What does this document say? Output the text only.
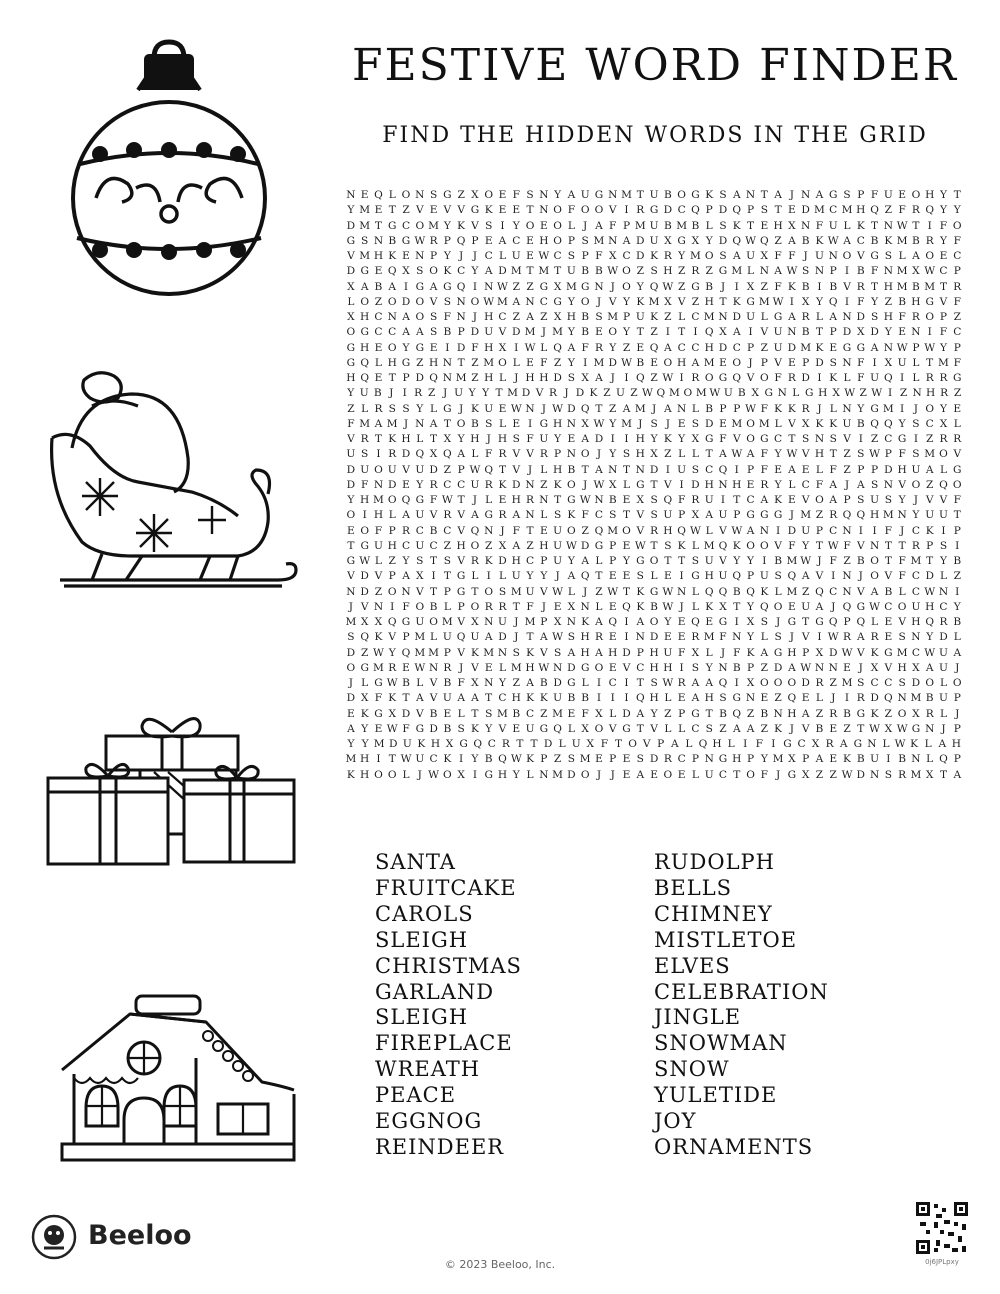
FESTIVE WORD FINDER
FIND THE HIDDEN WORDS IN THE GRID
N E Q L O N S G Z X O E F S N Y A U G N M T U B O G K S A N T A J N A G S P F U E O H Y T
Y M E T Z V E V V G K E E T N O F O O V I R G D C Q P D Q P S T E D M C M H Q Z F R Q Y Y
D M T G C O M Y K V S I Y O E O L J A F P M U B M B L S K T E H X N F U L K T N W T I F O
G S N B G W R P Q P E A C E H O P S M N A D U X G X Y D Q W Q Z A B K W A C B K M B R Y F
V M H K E N P Y J J C L U E W C S P F X C D K R Y M O S A U X F F J U N O V G S L A O E C
D G E Q X S O K C Y A D M T M T U B B W O Z S H Z R Z G M L N A W S N P I B F N M X W C P
X A B A I G A G Q I N W Z Z G X M G N J O Y Q W Z G B J I X Z F K B I B V R T H M B M T R
L O Z O D O V S N O W M A N C G Y O J V Y K M X V Z H T K G M W I X Y Q I F Y Z B H G V F
X H C N A O S F N J H C Z A Z X H B S M P U K Z L C M N D U L G A R L A N D S H F R O P Z
O G C C A A S B P D U V D M J M Y B E O Y T Z I T I Q X A I V U N B T P D X D Y E N I F C
G H E O Y G E I D F H X I W L Q A F R Y Z E Q A C C H D C P Z U D M K E G G A N W P W Y P
G Q L H G Z H N T Z M O L E F Z Y I M D W B E O H A M E O J P V E P D S N F I X U L T M F
H Q E T P D Q N M Z H L J H H D S X A J I Q Z W I R O G Q V O F R D I K L F U Q I L R R G
Y U B J I R Z J U Y Y T M D V R J D K Z U Z W Q M O M W U B X G N L G H X W Z W I Z N H R Z
Z L R S S Y L G J K U E W N J W D Q T Z A M J A N L B P P W F K K R J L N Y G M I J O Y E
F M A M J N A T O B S L E I G H N X W Y M J S J E S D E M O M L V X K K U B Q Q Y S C X L
V R T K H L T X Y H J H S F U Y E A D I I H Y K Y X G F V O G C T S N S V I Z C G I Z R R
U S I R D Q X Q A L F R V V R P N O J Y S H X Z L L T A W A F Y W V H T Z S W P F S M O V
D U O U V U D Z P W Q T V J L H B T A N T N D I U S C Q I P F E A E L F Z P P D H U A L G
D F N D E Y R C C U R K D N Z K O J W X L G T V I D H N H E R Y L C F A J A S N V O Z Q O
Y H M O Q G F W T J L E H R N T G W N B E X S Q F R U I T C A K E V O A P S U S Y J V V F
O I H L A U V R V A G R A N L S K F C S T V S U P X A U P G G G J M Z R Q Q H M N Y U U T
E O F P R C B C V Q N J F T E U O Z Q M O V R H Q W L V W A N I D U P C N I I F J C K I P
T G U H C U C Z H O Z X A Z H U W D G P E W T S K L M Q K O O V F Y T W F V N T T R P S I
G W L Z Y S T S V R K D H C P U Y A L P Y G O T T S U V Y Y I B M W J F Z B O T F M T Y B
V D V P A X I T G L I L U Y Y J A Q T E E S L E I G H U Q P U S Q A V I N J O V F C D L Z
N D Z O N V T P G T O S M U V W L J Z W T K G W N L Q Q B Q K L M Z Q C N V A B L C W N I
J V N I F O B L P O R R T F J E X N L E Q K B W J L K X T Y Q O E U A J Q G W C O U H C Y
M X X Q G U O M V X N U J M P X N K A Q I A O Y E Q E G I X S J G T G Q P Q L E V H Q R B
S Q K V P M L U Q U A D J T A W S H R E I N D E E R M F N Y L S J V I W R A R E S N Y D L
D Z W Y Q M M P V K M N S K V S A H A H D P H U F X L J F K A G H P X D W V K G M C W U A
O G M R E W N R J V E L M H W N D G O E V C H H I S Y N B P Z D A W N N E J X V H X A U J
J L G W B L V B F X N Y Z A B D G L I C I T S W R A A Q I X O O O D R Z M S C C S D O L O
D X F K T A V U A A T C H K K U B B I I I Q H L E A H S G N E Z Q E L J I R D Q N M B U P
E K G X D V B E L T S M B C Z M E F X L D A Y Z P G T B Q Z B N H A Z R B G K Z O X R L J
A Y E W F G D B S K Y V E U G Q L X O V G T V L L C S Z A A Z K J V B E Z T W X W G N J P
Y Y M D U K H X G Q C R T T D L U X F T O V P A L Q H L I F I G C X R A G N L W K L A H
M H I T W U C K I Y B Q W K P Z S M E P E S D R C P N G H P Y M X P A E K B U I B N L Q P
K H O O L J W O X I G H Y L N M D O J J E A E O E L U C T O F J G X Z Z W D N S R M X T A
SANTA
FRUITCAKE
CAROLS
SLEIGH
CHRISTMAS
GARLAND
SLEIGH
FIREPLACE
WREATH
PEACE
EGGNOG
REINDEER
RUDOLPH
BELLS
CHIMNEY
MISTLETOE
ELVES
CELEBRATION
JINGLE
SNOWMAN
SNOW
YULETIDE
JOY
ORNAMENTS
Beeloo
© 2023 Beeloo, Inc.	0j6JPLpxy
